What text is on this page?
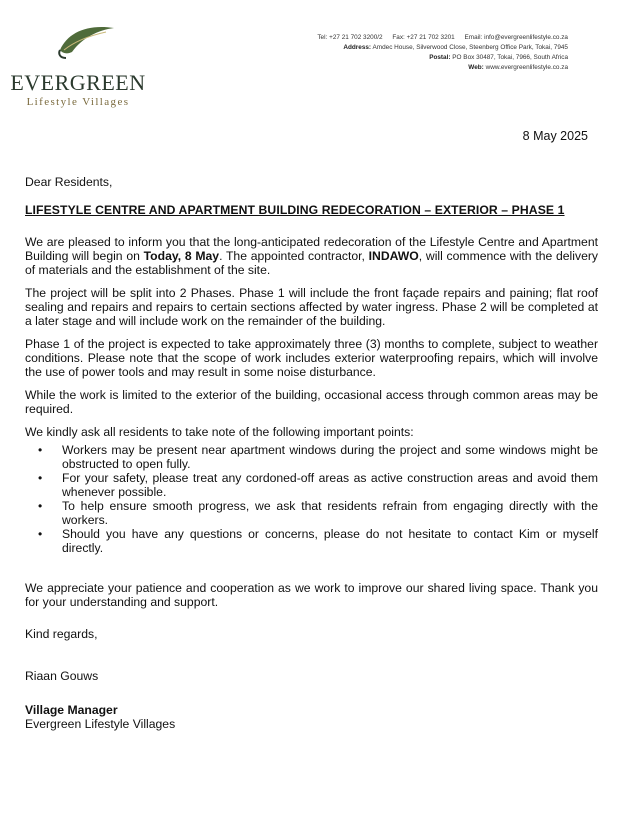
EVERGREEN
Lifestyle Villages
Tel: +27 21 702 3200/2 Fax: +27 21 702 3201 Email: info@evergreenlifestyle.co.za
Address: Amdec House, Silverwood Close, Steenberg Office Park, Tokai, 7945
Postal: PO Box 30487, Tokai, 7966, South Africa
Web: www.evergreenlifestyle.co.za
8 May 2025

Dear Residents,

LIFESTYLE CENTRE AND APARTMENT BUILDING REDECORATION – EXTERIOR – PHASE 1

We are pleased to inform you that the long-anticipated redecoration of the Lifestyle Centre and Apartment Building will begin on Today, 8 May. The appointed contractor, INDAWO, will commence with the delivery of materials and the establishment of the site.

The project will be split into 2 Phases. Phase 1 will include the front façade repairs and paining; flat roof sealing and repairs and repairs to certain sections affected by water ingress. Phase 2 will be completed at a later stage and will include work on the remainder of the building.

Phase 1 of the project is expected to take approximately three (3) months to complete, subject to weather conditions. Please note that the scope of work includes exterior waterproofing repairs, which will involve the use of power tools and may result in some noise disturbance.

While the work is limited to the exterior of the building, occasional access through common areas may be required.

We kindly ask all residents to take note of the following important points:

• Workers may be present near apartment windows during the project and some windows might be obstructed to open fully.
• For your safety, please treat any cordoned-off areas as active construction areas and avoid them whenever possible.
• To help ensure smooth progress, we ask that residents refrain from engaging directly with the workers.
• Should you have any questions or concerns, please do not hesitate to contact Kim or myself directly.

We appreciate your patience and cooperation as we work to improve our shared living space. Thank you for your understanding and support.

Kind regards,

Riaan Gouws

Village Manager

Evergreen Lifestyle Villages
